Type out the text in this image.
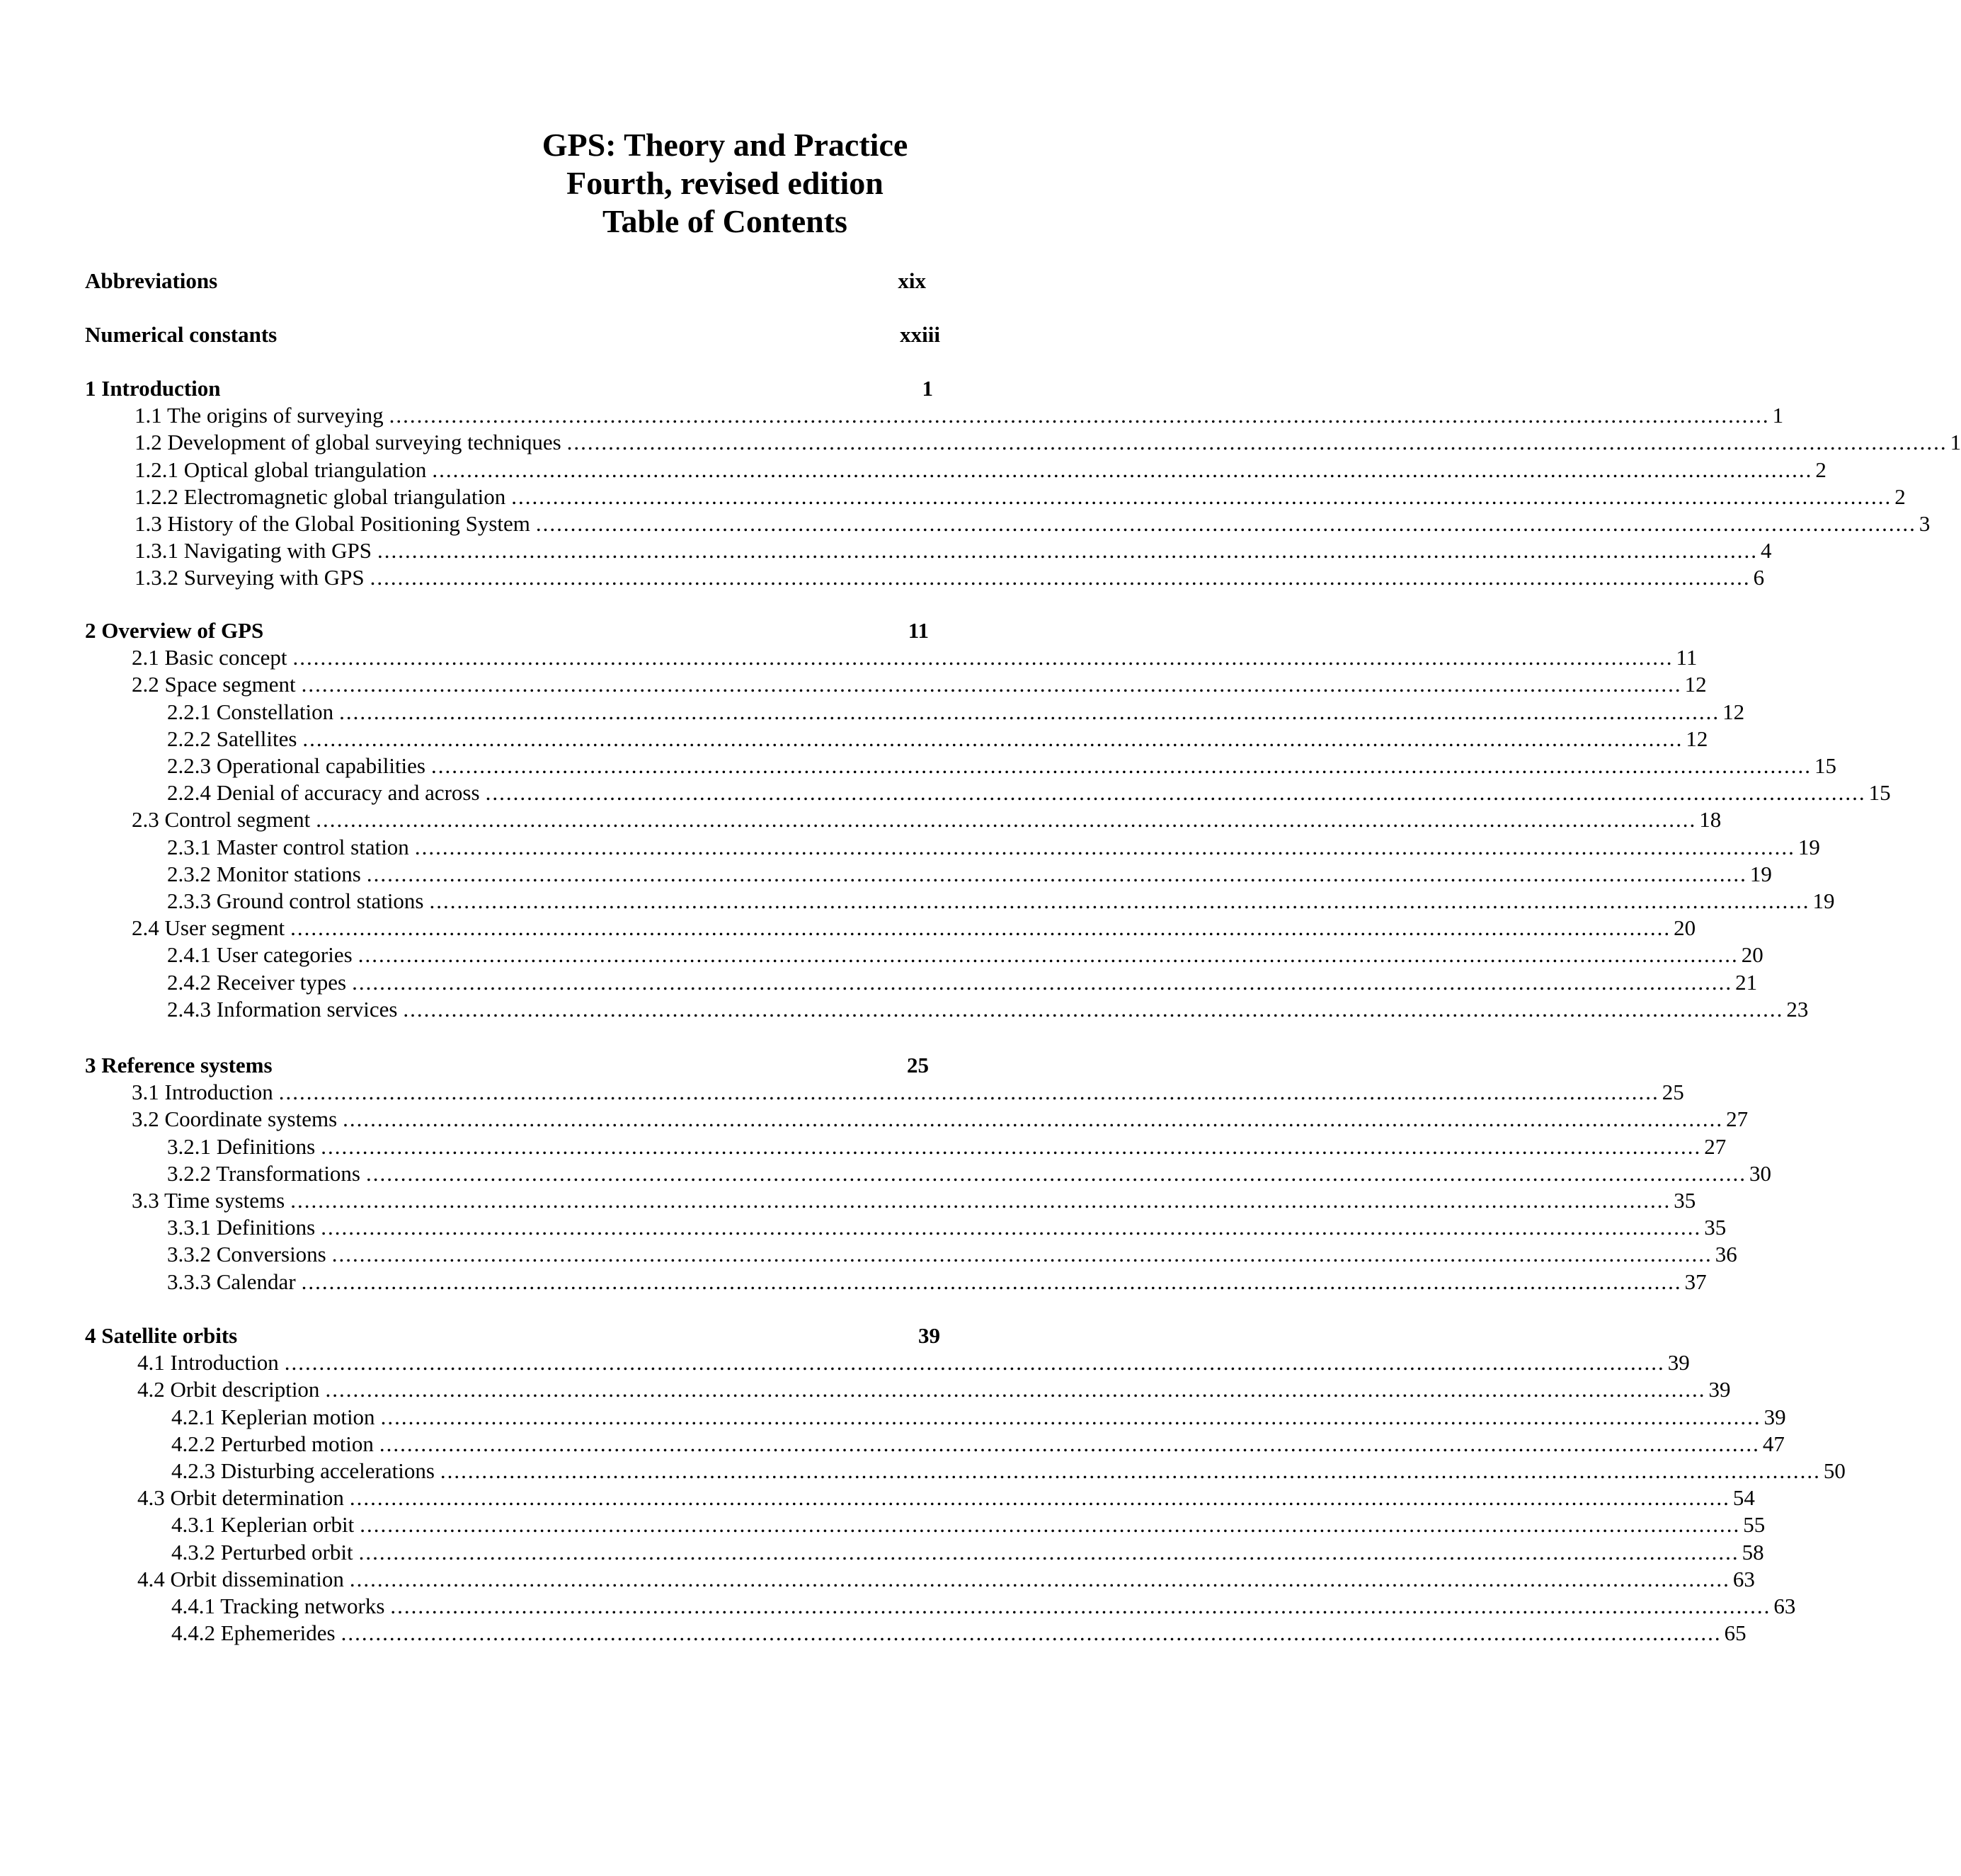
GPS: Theory and Practice
Fourth, revised edition
Table of Contents
Abbreviations	xix
Numerical constants	xxiii
1 Introduction	1
1.1 The origins of surveying ........................................................................................................................................................................................................ 1
1.2 Development of global surveying techniques ........................................................................................................................................................................................................ 1
1.2.1 Optical global triangulation ........................................................................................................................................................................................................ 2
1.2.2 Electromagnetic global triangulation ........................................................................................................................................................................................................ 2
1.3 History of the Global Positioning System ........................................................................................................................................................................................................ 3
1.3.1 Navigating with GPS ........................................................................................................................................................................................................ 4
1.3.2 Surveying with GPS ........................................................................................................................................................................................................ 6
2 Overview of GPS	11
2.1 Basic concept ........................................................................................................................................................................................................ 11
2.2 Space segment ........................................................................................................................................................................................................ 12
2.2.1 Constellation ........................................................................................................................................................................................................ 12
2.2.2 Satellites ........................................................................................................................................................................................................ 12
2.2.3 Operational capabilities ........................................................................................................................................................................................................ 15
2.2.4 Denial of accuracy and across ........................................................................................................................................................................................................ 15
2.3 Control segment ........................................................................................................................................................................................................ 18
2.3.1 Master control station ........................................................................................................................................................................................................ 19
2.3.2 Monitor stations ........................................................................................................................................................................................................ 19
2.3.3 Ground control stations ........................................................................................................................................................................................................ 19
2.4 User segment ........................................................................................................................................................................................................ 20
2.4.1 User categories ........................................................................................................................................................................................................ 20
2.4.2 Receiver types ........................................................................................................................................................................................................ 21
2.4.3 Information services ........................................................................................................................................................................................................ 23
3 Reference systems	25
3.1 Introduction ........................................................................................................................................................................................................ 25
3.2 Coordinate systems ........................................................................................................................................................................................................ 27
3.2.1 Definitions ........................................................................................................................................................................................................ 27
3.2.2 Transformations ........................................................................................................................................................................................................ 30
3.3 Time systems ........................................................................................................................................................................................................ 35
3.3.1 Definitions ........................................................................................................................................................................................................ 35
3.3.2 Conversions ........................................................................................................................................................................................................ 36
3.3.3 Calendar ........................................................................................................................................................................................................ 37
4 Satellite orbits	39
4.1 Introduction ........................................................................................................................................................................................................ 39
4.2 Orbit description ........................................................................................................................................................................................................ 39
4.2.1 Keplerian motion ........................................................................................................................................................................................................ 39
4.2.2 Perturbed motion ........................................................................................................................................................................................................ 47
4.2.3 Disturbing accelerations ........................................................................................................................................................................................................ 50
4.3 Orbit determination ........................................................................................................................................................................................................ 54
4.3.1 Keplerian orbit ........................................................................................................................................................................................................ 55
4.3.2 Perturbed orbit ........................................................................................................................................................................................................ 58
4.4 Orbit dissemination ........................................................................................................................................................................................................ 63
4.4.1 Tracking networks ........................................................................................................................................................................................................ 63
4.4.2 Ephemerides ........................................................................................................................................................................................................ 65
